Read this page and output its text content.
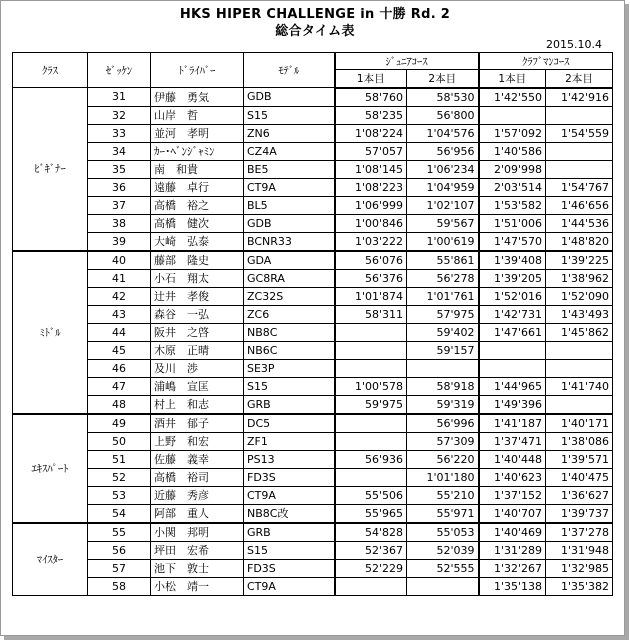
HKS HIPER CHALLENGE in 十勝 Rd. 2
総合タイム表
2015.10.4
ｸﾗｽ	ｾﾞｯｹﾝ	ﾄﾞﾗｲﾊﾞｰ	ﾓﾃﾞﾙ	ｼﾞｭﾆｱｺｰｽ		ｸﾗﾌﾞﾏﾝｺｰｽ	
				1本目	2本目	1本目	2本目
ﾋﾞｷﾞﾅｰ	31	伊藤　勇気	GDB	58'760	58'530	1'42'550	1'42'916
	32	山岸　哲	S15	58'235	56'800		
	33	並河　孝明	ZN6	1'08'224	1'04'576	1'57'092	1'54'559
	34	ｶｰ･ﾍﾞﾝｼﾞｬﾐﾝ	CZ4A	57'057	56'956	1'40'586	
	35	南　和貴	BE5	1'08'145	1'06'234	2'09'998	
	36	遠藤　卓行	CT9A	1'08'223	1'04'959	2'03'514	1'54'767
	37	高橋　裕之	BL5	1'06'999	1'02'107	1'53'582	1'46'656
	38	高橋　健次	GDB	1'00'846	59'567	1'51'006	1'44'536
	39	大崎　弘泰	BCNR33	1'03'222	1'00'619	1'47'570	1'48'820
ﾐﾄﾞﾙ	40	藤部　隆史	GDA	56'076	55'861	1'39'408	1'39'225
	41	小石　翔太	GC8RA	56'376	56'278	1'39'205	1'38'962
	42	辻井　孝俊	ZC32S	1'01'874	1'01'761	1'52'016	1'52'090
	43	森谷　一弘	ZC6	58'311	57'975	1'42'731	1'43'493
	44	阪井　之啓	NB8C		59'402	1'47'661	1'45'862
	45	木原　正晴	NB6C		59'157		
	46	及川　渉	SE3P				
	47	浦嶋　宣匡	S15	1'00'578	58'918	1'44'965	1'41'740
	48	村上　和志	GRB	59'975	59'319	1'49'396	
ｴｷｽﾊﾟｰﾄ	49	酒井　郁子	DC5		56'996	1'41'187	1'40'171
	50	上野　和宏	ZF1		57'309	1'37'471	1'38'086
	51	佐藤　義幸	PS13	56'936	56'220	1'40'448	1'39'571
	52	高橋　裕司	FD3S		1'01'180	1'40'623	1'40'475
	53	近藤　秀彦	CT9A	55'506	55'210	1'37'152	1'36'627
	54	阿部　重人	NB8C改	55'965	55'971	1'40'707	1'39'737
ﾏｲｽﾀｰ	55	小関　邦明	GRB	54'828	55'053	1'40'469	1'37'278
	56	坪田　宏希	S15	52'367	52'039	1'31'289	1'31'948
	57	池下　敦士	FD3S	52'229	52'555	1'32'267	1'32'985
	58	小松　靖一	CT9A			1'35'138	1'35'382
